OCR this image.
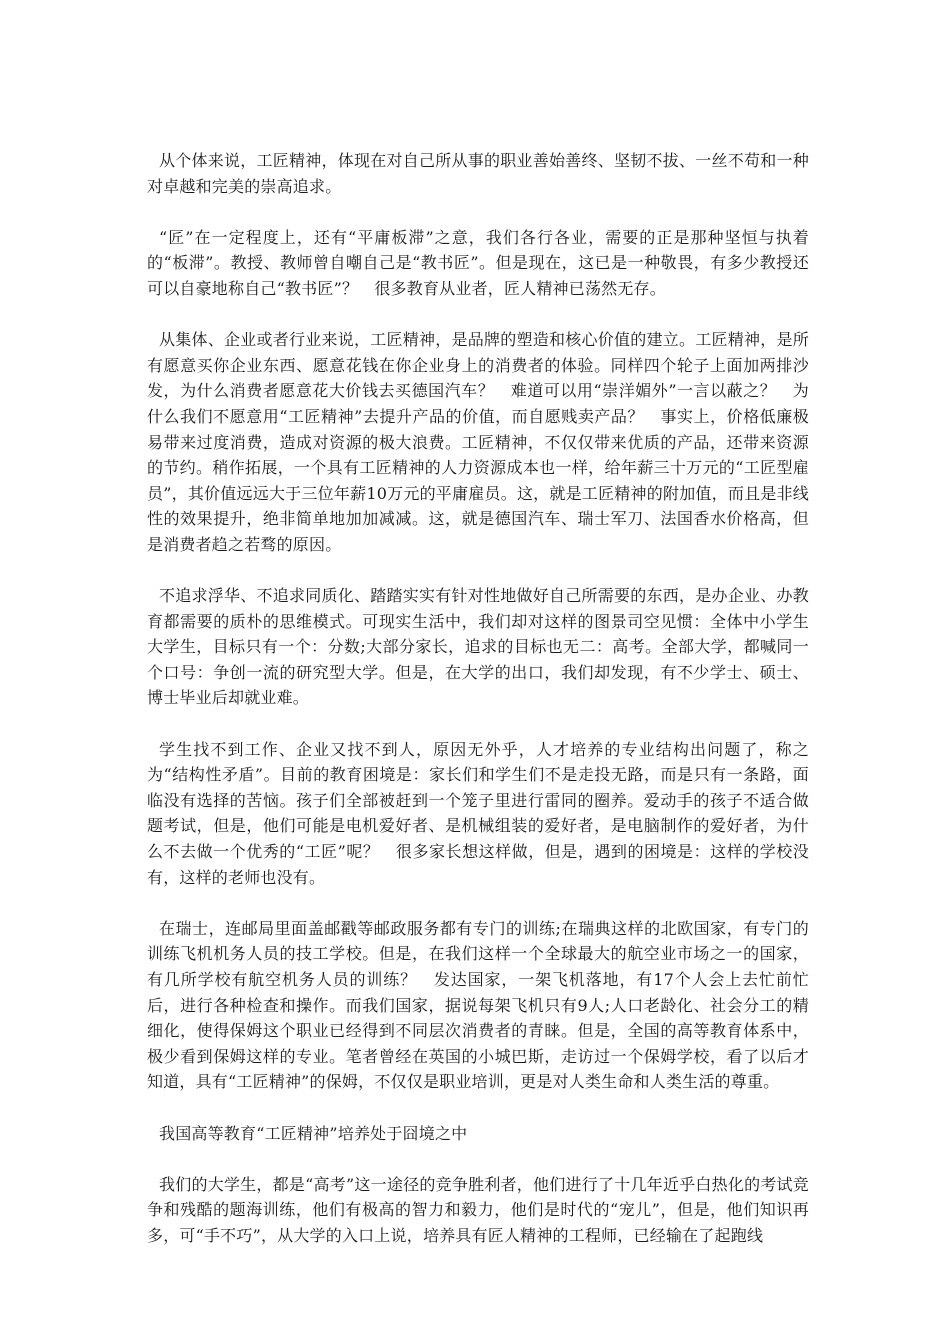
从个体来说，工匠精神，体现在对自己所从事的职业善始善终、坚韧不拔、一丝不苟和一种对卓越和完美的崇高追求。

“匠”在一定程度上，还有“平庸板滞”之意，我们各行各业，需要的正是那种坚恒与执着的“板滞”。教授、教师曾自嘲自己是“教书匠”。但是现在，这已是一种敬畏，有多少教授还可以自豪地称自己“教书匠”？　很多教育从业者，匠人精神已荡然无存。

从集体、企业或者行业来说，工匠精神，是品牌的塑造和核心价值的建立。工匠精神，是所有愿意买你企业东西、愿意花钱在你企业身上的消费者的体验。同样四个轮子上面加两排沙发，为什么消费者愿意花大价钱去买德国汽车？　难道可以用“崇洋媚外”一言以蔽之？　为什么我们不愿意用“工匠精神”去提升产品的价值，而自愿贱卖产品？　事实上，价格低廉极易带来过度消费，造成对资源的极大浪费。工匠精神，不仅仅带来优质的产品，还带来资源的节约。稍作拓展，一个具有工匠精神的人力资源成本也一样，给年薪三十万元的“工匠型雇员”，其价值远远大于三位年薪10万元的平庸雇员。这，就是工匠精神的附加值，而且是非线性的效果提升，绝非简单地加加减减。这，就是德国汽车、瑞士军刀、法国香水价格高，但是消费者趋之若骛的原因。

不追求浮华、不追求同质化、踏踏实实有针对性地做好自己所需要的东西，是办企业、办教育都需要的质朴的思维模式。可现实生活中，我们却对这样的图景司空见惯：全体中小学生大学生，目标只有一个：分数;大部分家长，追求的目标也无二：高考。全部大学，都喊同一个口号：争创一流的研究型大学。但是，在大学的出口，我们却发现，有不少学士、硕士、博士毕业后却就业难。

学生找不到工作、企业又找不到人，原因无外乎，人才培养的专业结构出问题了，称之为“结构性矛盾”。目前的教育困境是：家长们和学生们不是走投无路，而是只有一条路，面临没有选择的苦恼。孩子们全部被赶到一个笼子里进行雷同的圈养。爱动手的孩子不适合做题考试，但是，他们可能是电机爱好者、是机械组装的爱好者，是电脑制作的爱好者，为什么不去做一个优秀的“工匠”呢？　很多家长想这样做，但是，遇到的困境是：这样的学校没有，这样的老师也没有。

在瑞士，连邮局里面盖邮戳等邮政服务都有专门的训练;在瑞典这样的北欧国家，有专门的训练飞机机务人员的技工学校。但是，在我们这样一个全球最大的航空业市场之一的国家，有几所学校有航空机务人员的训练？　发达国家，一架飞机落地，有17个人会上去忙前忙后，进行各种检查和操作。而我们国家，据说每架飞机只有9人;人口老龄化、社会分工的精细化，使得保姆这个职业已经得到不同层次消费者的青睐。但是，全国的高等教育体系中，极少看到保姆这样的专业。笔者曾经在英国的小城巴斯，走访过一个保姆学校，看了以后才知道，具有“工匠精神”的保姆，不仅仅是职业培训，更是对人类生命和人类生活的尊重。

我国高等教育“工匠精神”培养处于囧境之中

我们的大学生，都是“高考”这一途径的竞争胜利者，他们进行了十几年近乎白热化的考试竞争和残酷的题海训练，他们有极高的智力和毅力，他们是时代的“宠儿”，但是，他们知识再多，可“手不巧”，从大学的入口上说，培养具有匠人精神的工程师，已经输在了起跑线
